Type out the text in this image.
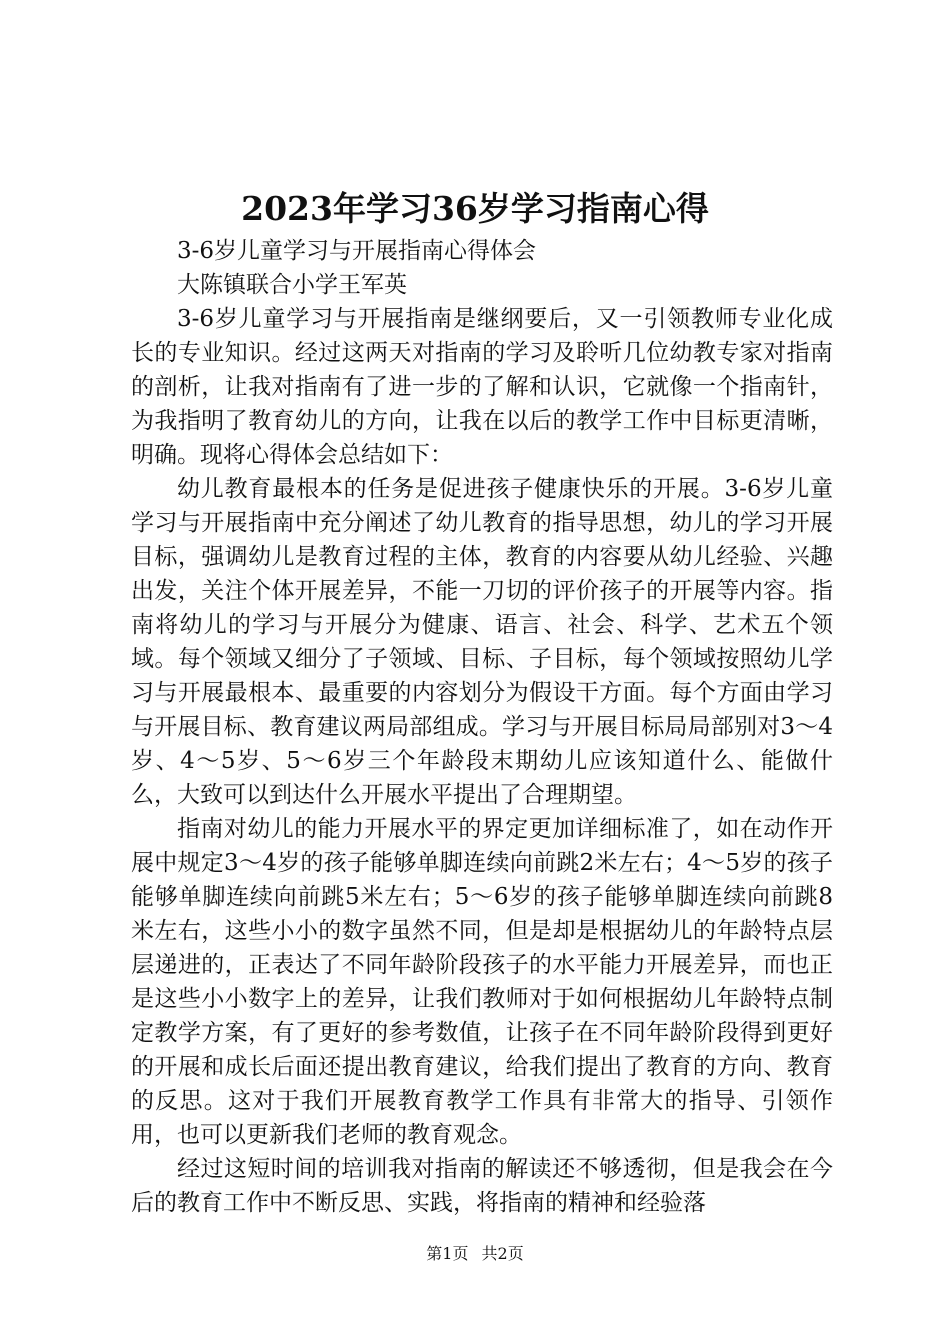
2023年学习36岁学习指南心得

3-6岁儿童学习与开展指南心得体会

大陈镇联合小学王军英

3-6岁儿童学习与开展指南是继纲要后，又一引领教师专业化成长的专业知识。经过这两天对指南的学习及聆听几位幼教专家对指南的剖析，让我对指南有了进一步的了解和认识，它就像一个指南针，为我指明了教育幼儿的方向，让我在以后的教学工作中目标更清晰，明确。现将心得体会总结如下：

幼儿教育最根本的任务是促进孩子健康快乐的开展。3-6岁儿童学习与开展指南中充分阐述了幼儿教育的指导思想，幼儿的学习开展目标，强调幼儿是教育过程的主体，教育的内容要从幼儿经验、兴趣出发，关注个体开展差异，不能一刀切的评价孩子的开展等内容。指南将幼儿的学习与开展分为健康、语言、社会、科学、艺术五个领域。每个领域又细分了子领域、目标、子目标，每个领域按照幼儿学习与开展最根本、最重要的内容划分为假设干方面。每个方面由学习与开展目标、教育建议两局部组成。学习与开展目标局局部别对3～4岁、4～5岁、5～6岁三个年龄段末期幼儿应该知道什么、能做什么，大致可以到达什么开展水平提出了合理期望。

指南对幼儿的能力开展水平的界定更加详细标准了，如在动作开展中规定3～4岁的孩子能够单脚连续向前跳2米左右；4～5岁的孩子能够单脚连续向前跳5米左右；5～6岁的孩子能够单脚连续向前跳8米左右，这些小小的数字虽然不同，但是却是根据幼儿的年龄特点层层递进的，正表达了不同年龄阶段孩子的水平能力开展差异，而也正是这些小小数字上的差异，让我们教师对于如何根据幼儿年龄特点制定教学方案，有了更好的参考数值，让孩子在不同年龄阶段得到更好的开展和成长后面还提出教育建议，给我们提出了教育的方向、教育的反思。这对于我们开展教育教学工作具有非常大的指导、引领作用，也可以更新我们老师的教育观念。

经过这短时间的培训我对指南的解读还不够透彻，但是我会在今后的教育工作中不断反思、实践，将指南的精神和经验落

第1页 共2页
